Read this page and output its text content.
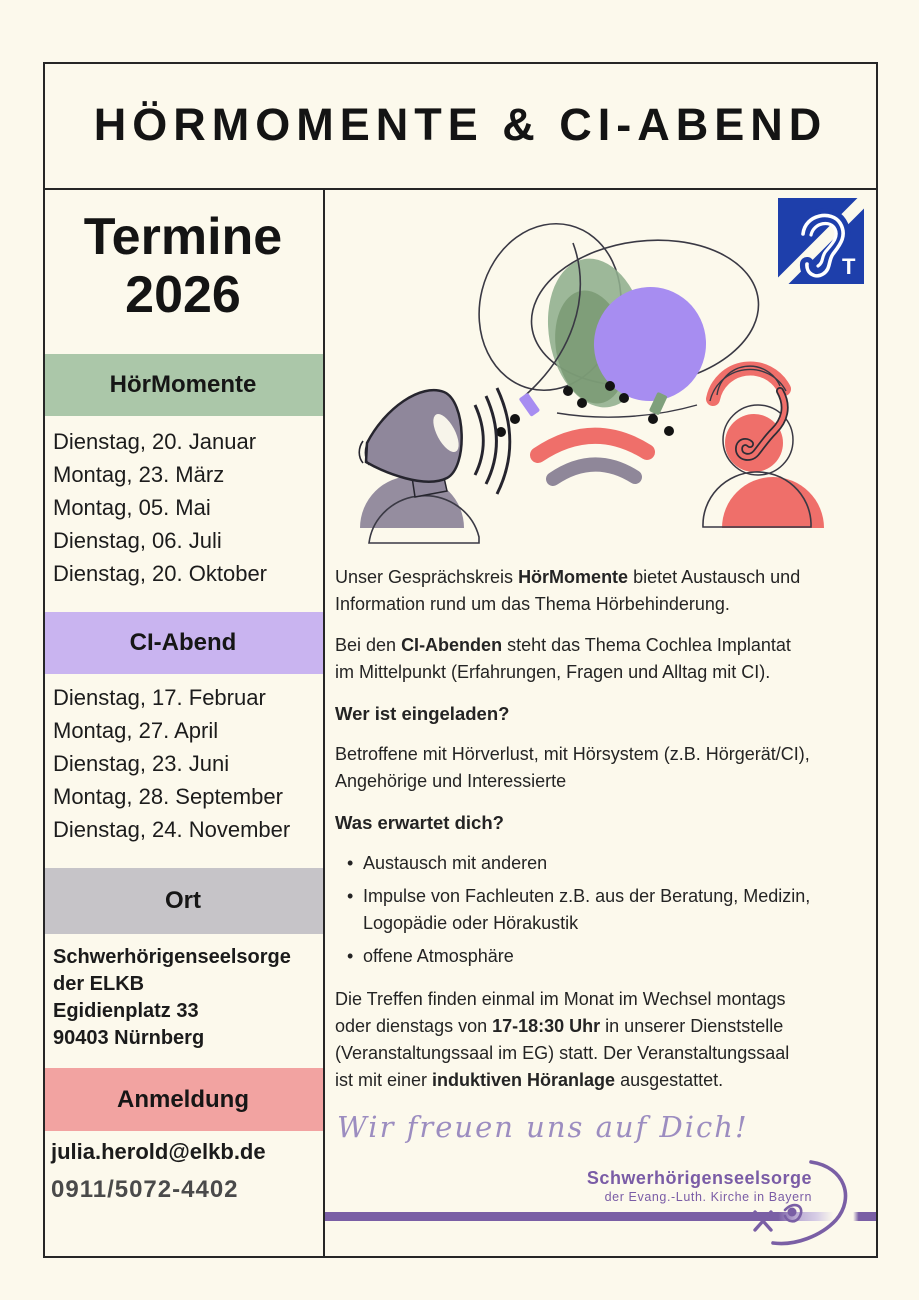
HÖRMOMENTE & CI-ABEND
Termine
2026
HörMomente
Dienstag, 20. Januar
Montag, 23. März
Montag, 05. Mai
Dienstag, 06. Juli
Dienstag, 20. Oktober
CI-Abend
Dienstag, 17. Februar
Montag, 27. April
Dienstag, 23. Juni
Montag, 28. September
Dienstag, 24. November
Ort
Schwerhörigenseelsorge
der ELKB
Egidienplatz 33
90403 Nürnberg
Anmeldung
julia.herold@elkb.de
0911/5072-4402
T

Unser Gesprächskreis HörMomente bietet Austausch und
Information rund um das Thema Hörbehinderung.

Bei den CI-Abenden steht das Thema Cochlea Implantat
im Mittelpunkt (Erfahrungen, Fragen und Alltag mit CI).

Wer ist eingeladen?

Betroffene mit Hörverlust, mit Hörsystem (z.B. Hörgerät/CI),
Angehörige und Interessierte

Was erwartet dich?

• Austausch mit anderen
• Impulse von Fachleuten z.B. aus der Beratung, Medizin,
Logopädie oder Hörakustik
• offene Atmosphäre

Die Treffen finden einmal im Monat im Wechsel montags
oder dienstags von 17-18:30 Uhr in unserer Dienststelle
(Veranstaltungssaal im EG) statt. Der Veranstaltungssaal
ist mit einer induktiven Höranlage ausgestattet.

Wir freuen uns auf Dich!
Schwerhörigenseelsorge
der Evang.-Luth. Kirche in Bayern
